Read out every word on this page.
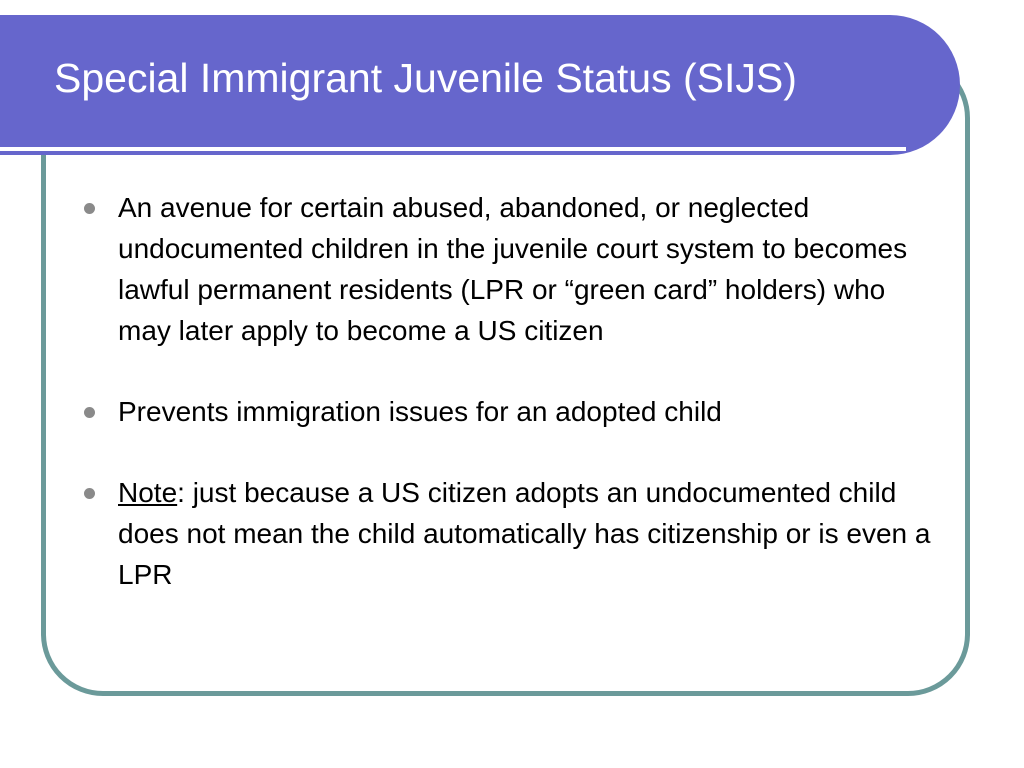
Special Immigrant Juvenile Status (SIJS)
An avenue for certain abused, abandoned, or neglected undocumented children in the juvenile court system to becomes lawful permanent residents (LPR or “green card” holders) who may later apply to become a US citizen
Prevents immigration issues for an adopted child
Note: just because a US citizen adopts an undocumented child does not mean the child automatically has citizenship or is even a LPR
